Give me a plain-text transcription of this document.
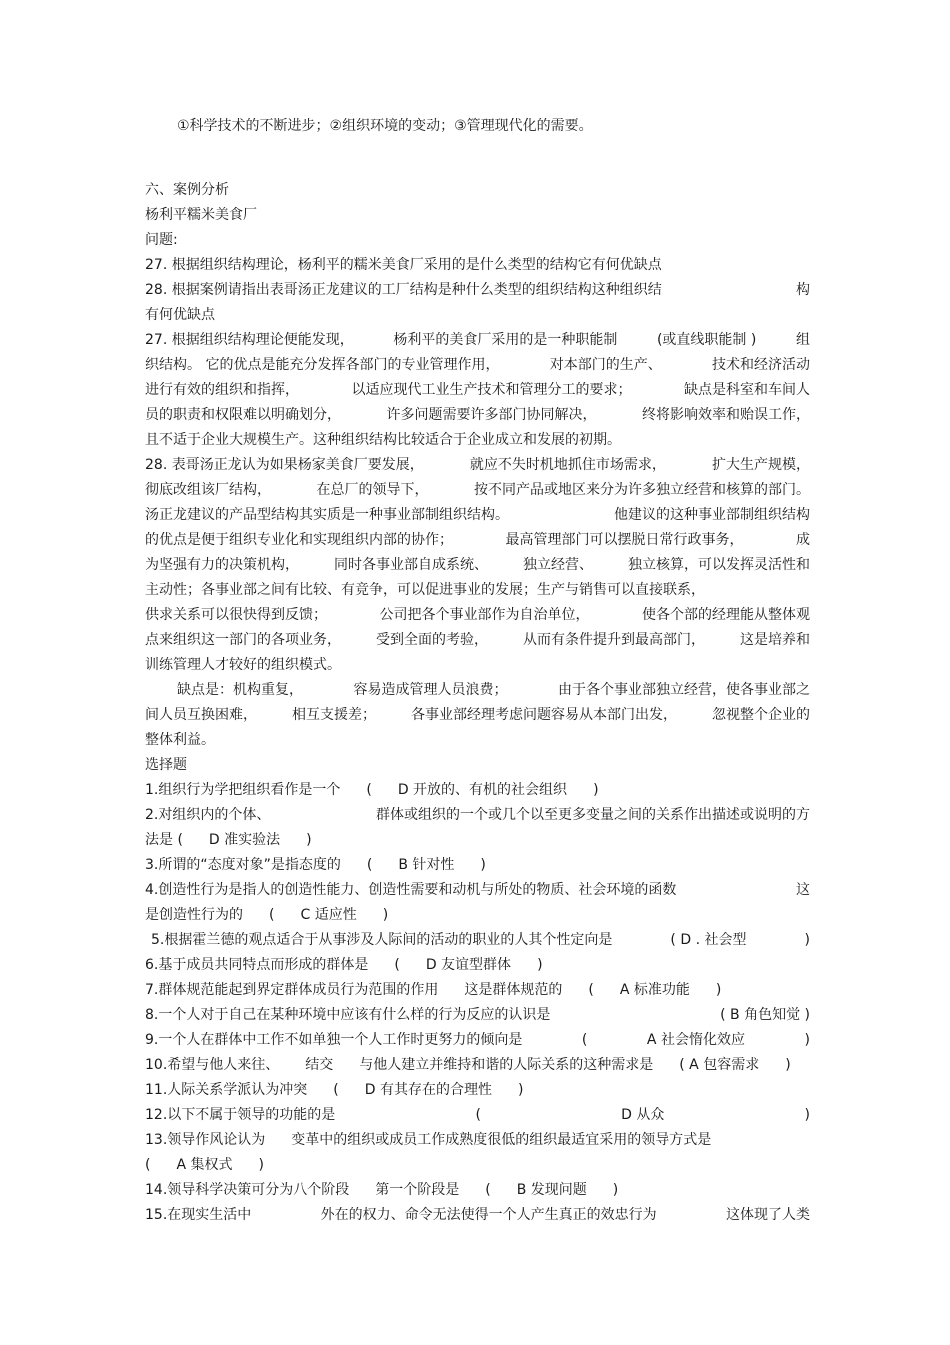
①科学技术的不断进步；②组织环境的变动；③管理现代化的需要。
六、案例分析
杨利平糯米美食厂
问题:
27. 根据组织结构理论，杨利平的糯米美食厂采用的是什么类型的结构它有何优缺点
28. 根据案例请指出表哥汤正龙建议的工厂结构是种什么类型的组织结构这种组织结	构
有何优缺点
27. 根据组织结构理论便能发现，	杨利平的美食厂采用的是一种职能制	(或直线职能制 )	组
织结构。 它的优点是能充分发挥各部门的专业管理作用，	对本部门的生产、	技术和经济活动
进行有效的组织和指挥，	以适应现代工业生产技术和管理分工的要求；	缺点是科室和车间人
员的职责和权限难以明确划分，	许多问题需要许多部门协同解决，	终将影响效率和贻误工作，
且不适于企业大规模生产。这种组织结构比较适合于企业成立和发展的初期。
28. 表哥汤正龙认为如果杨家美食厂要发展，	就应不失时机地抓住市场需求，	扩大生产规模，
彻底改组该厂结构，	在总厂的领导下，	按不同产品或地区来分为许多独立经营和核算的部门。
汤正龙建议的产品型结构其实质是一种事业部制组织结构。	他建议的这种事业部制组织结构
的优点是便于组织专业化和实现组织内部的协作；	最高管理部门可以摆脱日常行政事务，	成
为坚强有力的决策机构，	同时各事业部自成系统、	独立经营、	独立核算，可以发挥灵活性和
主动性；各事业部之间有比较、有竞争，可以促进事业的发展；生产与销售可以直接联系，
供求关系可以很快得到反馈；	公司把各个事业部作为自治单位，	使各个部的经理能从整体观
点来组织这一部门的各项业务，	受到全面的考验，	从而有条件提升到最高部门，	这是培养和
训练管理人才较好的组织模式。
缺点是：机构重复，	容易造成管理人员浪费；	由于各个事业部独立经营，使各事业部之
间人员互换困难，	相互支援差；	各事业部经理考虑问题容易从本部门出发，	忽视整个企业的
整体利益。
选择题
1.组织行为学把组织看作是一个 ( D 开放的、有机的社会组织 )
2.对组织内的个体、	群体或组织的一个或几个以至更多变量之间的关系作出描述或说明的方
法是 ( D 准实验法 )
3.所谓的“态度对象”是指态度的 ( B 针对性 )
4.创造性行为是指人的创造性能力、创造性需要和动机与所处的物质、社会环境的函数	这
是创造性行为的 ( C 适应性 )
5.根据霍兰德的观点适合于从事涉及人际间的活动的职业的人其个性定向是	( D . 社会型	)
6.基于成员共同特点而形成的群体是 ( D 友谊型群体 )
7.群体规范能起到界定群体成员行为范围的作用 这是群体规范的 ( A 标准功能 )
8.一个人对于自己在某种环境中应该有什么样的行为反应的认识是	( B 角色知觉 )
9.一个人在群体中工作不如单独一个人工作时更努力的倾向是	(	A 社会惰化效应	)
10.希望与他人来往、 结交 与他人建立并维持和谐的人际关系的这种需求是 ( A 包容需求 )
11.人际关系学派认为冲突 ( D 有其存在的合理性 )
12.以下不属于领导的功能的是	(	D 从众	)
13.领导作风论认为 变革中的组织或成员工作成熟度很低的组织最适宜采用的领导方式是
( A 集权式 )
14.领导科学决策可分为八个阶段 第一个阶段是 ( B 发现问题 )
15.在现实生活中	外在的权力、命令无法使得一个人产生真正的效忠行为	这体现了人类
